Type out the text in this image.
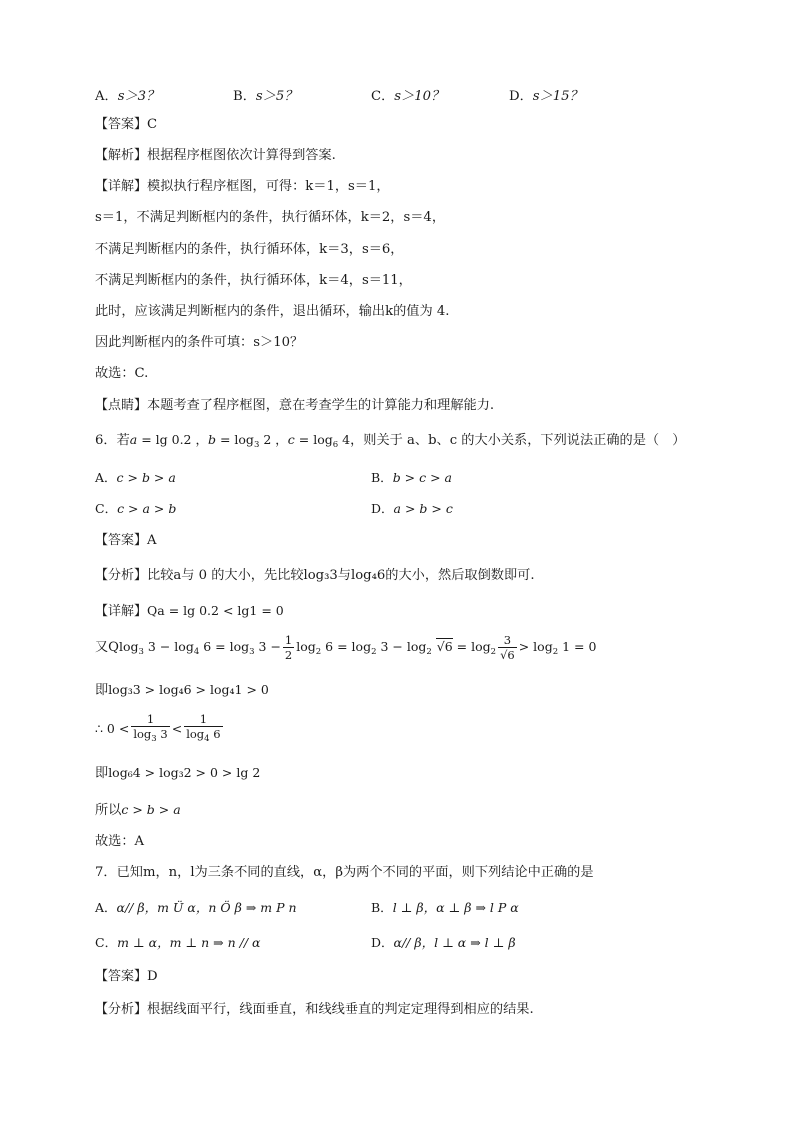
A．s＞3？	B．s＞5？	C．s＞10？	D．s＞15？
【答案】C
【解析】根据程序框图依次计算得到答案.
【详解】模拟执行程序框图，可得：k＝1，s＝1，
s＝1，不满足判断框内的条件，执行循环体，k＝2，s＝4，
不满足判断框内的条件，执行循环体，k＝3，s＝6，
不满足判断框内的条件，执行循环体，k＝4，s＝11，
此时，应该满足判断框内的条件，退出循环，输出k的值为 4.
因此判断框内的条件可填：s＞10？
故选：C.
【点睛】本题考查了程序框图，意在考查学生的计算能力和理解能力.
6．若a = lg 0.2 ，$b = \log_3 2$ ，$c = \log_6 4$，则关于 a、b、c 的大小关系，下列说法正确的是（　）
A．c > b > a	B．b > c > a
C．c > a > b	D．a > b > c
【答案】A
【分析】比较a与 0 的大小，先比较log₃3与log₄6的大小，然后取倒数即可.
【详解】Qa = lg 0.2 < lg1 = 0
又Qlog$_3$ $3 - \log_4 6 = \log_3 3 - \frac{1}{2} \log_2 6 = \log_2 3 - \log_2 √6 = \log_2 \frac{3}{√6} > \log_2 1 = 0$
即log₃3 > log₄6 > log₄1 > 0
∴ $0 < \frac{1}{\log_3 3} < \frac{1}{\log_4 6}$
即log₆4 > log₃2 > 0 > lg 2
所以c > b > a
故选：A
7．已知m，n，l为三条不同的直线，α，β为两个不同的平面，则下列结论中正确的是
A．α// β，m Ü α，n Ö β ⇒ m P n	B．l ⊥ β，α ⊥ β ⇒ l P α
C．m ⊥ α，m ⊥ n ⇒ n // α	D．α// β，l ⊥ α ⇒ l ⊥ β
【答案】D
【分析】根据线面平行，线面垂直，和线线垂直的判定定理得到相应的结果.
